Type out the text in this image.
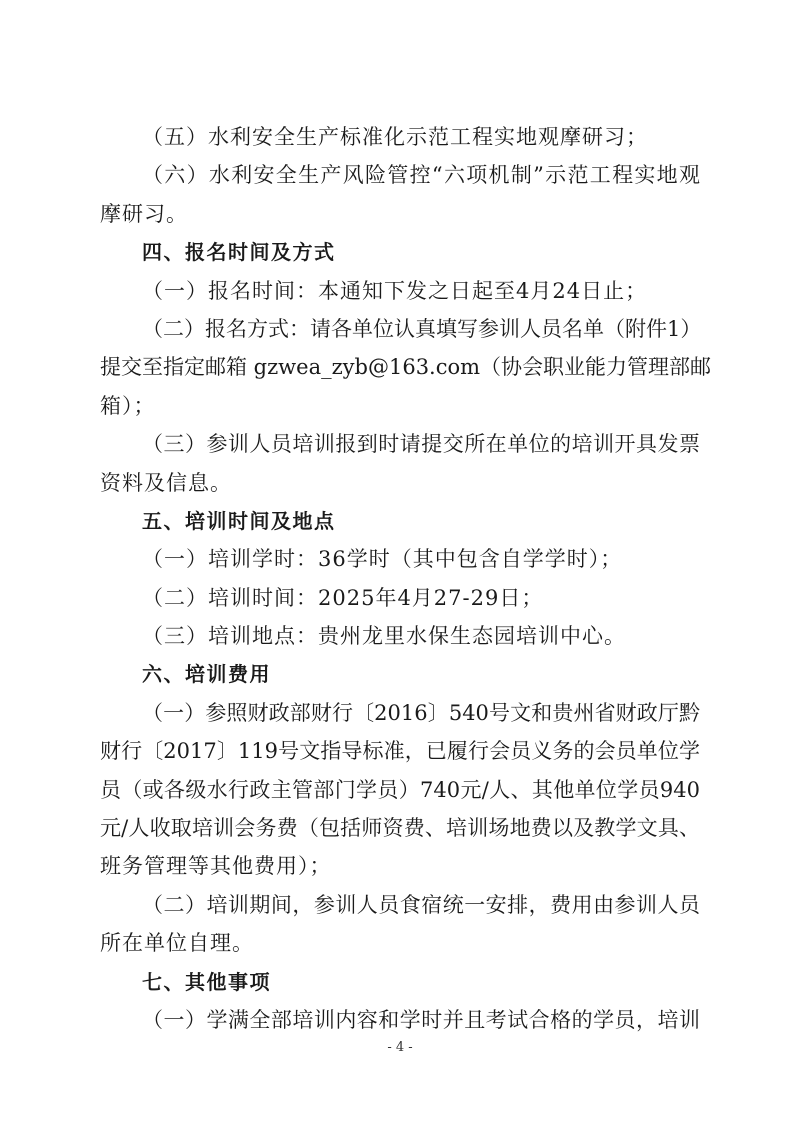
（五）水利安全生产标准化示范工程实地观摩研习；
（六）水利安全生产风险管控“六项机制”示范工程实地观
摩研习。
四、报名时间及方式
（一）报名时间：本通知下发之日起至4月24日止；
（二）报名方式：请各单位认真填写参训人员名单（附件1）
提交至指定邮箱 gzwea_zyb@163.com（协会职业能力管理部邮
箱）；
（三）参训人员培训报到时请提交所在单位的培训开具发票
资料及信息。
五、培训时间及地点
（一）培训学时：36学时（其中包含自学学时）；
（二）培训时间：2025年4月27-29日；
（三）培训地点：贵州龙里水保生态园培训中心。
六、培训费用
（一）参照财政部财行〔2016〕540号文和贵州省财政厅黔
财行〔2017〕119号文指导标准，已履行会员义务的会员单位学
员（或各级水行政主管部门学员）740元/人、其他单位学员940
元/人收取培训会务费（包括师资费、培训场地费以及教学文具、
班务管理等其他费用）；
（二）培训期间，参训人员食宿统一安排，费用由参训人员
所在单位自理。
七、其他事项
（一）学满全部培训内容和学时并且考试合格的学员，培训
- 4 -
